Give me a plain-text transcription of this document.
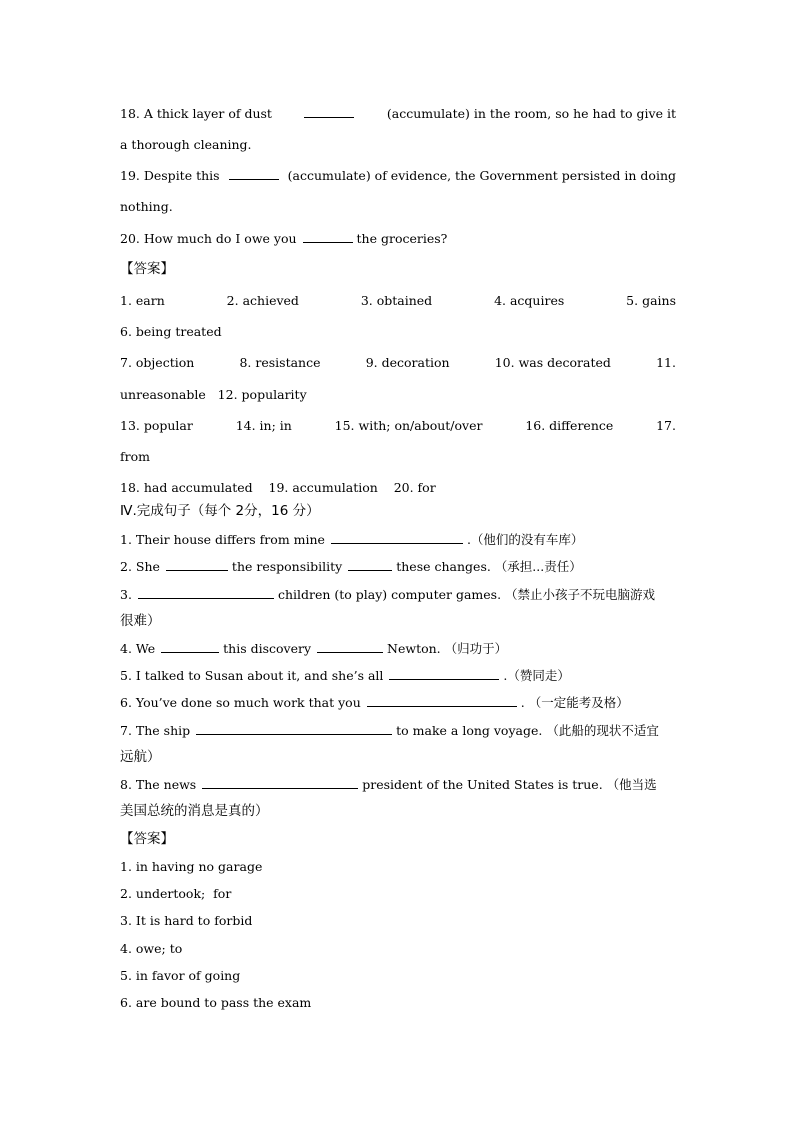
18. A thick layer of dust	(accumulate) in the room, so he had to give it
a thorough cleaning.
19. Despite this	(accumulate) of evidence, the Government persisted in doing
nothing.
20. How much do I owe you	the groceries?
【答案】
1. earn	2. achieved	3. obtained	4. acquires	5. gains
6. being treated
7. objection	8. resistance	9. decoration	10. was decorated	11.
unreasonable   12. popularity
13. popular	14. in; in	15. with; on/about/over	16. difference	17.
from
18. had accumulated    19. accumulation    20. for
Ⅳ.完成句子（每个 2分，16 分）
1. Their house differs from mine	.（他们的没有车库）
2. She	the responsibility	these changes. （承担...责任）
3.	children (to play) computer games. （禁止小孩子不玩电脑游戏
很难）
4. We	this discovery	Newton. （归功于）
5. I talked to Susan about it, and she’s all	.（赞同走）
6. You’ve done so much work that you	. （一定能考及格）
7. The ship	to make a long voyage. （此船的现状不适宜
远航）
8. The news	president of the United States is true. （他当选
美国总统的消息是真的）
【答案】
1. in having no garage
2. undertook;  for
3. It is hard to forbid
4. owe; to
5. in favor of going
6. are bound to pass the exam
